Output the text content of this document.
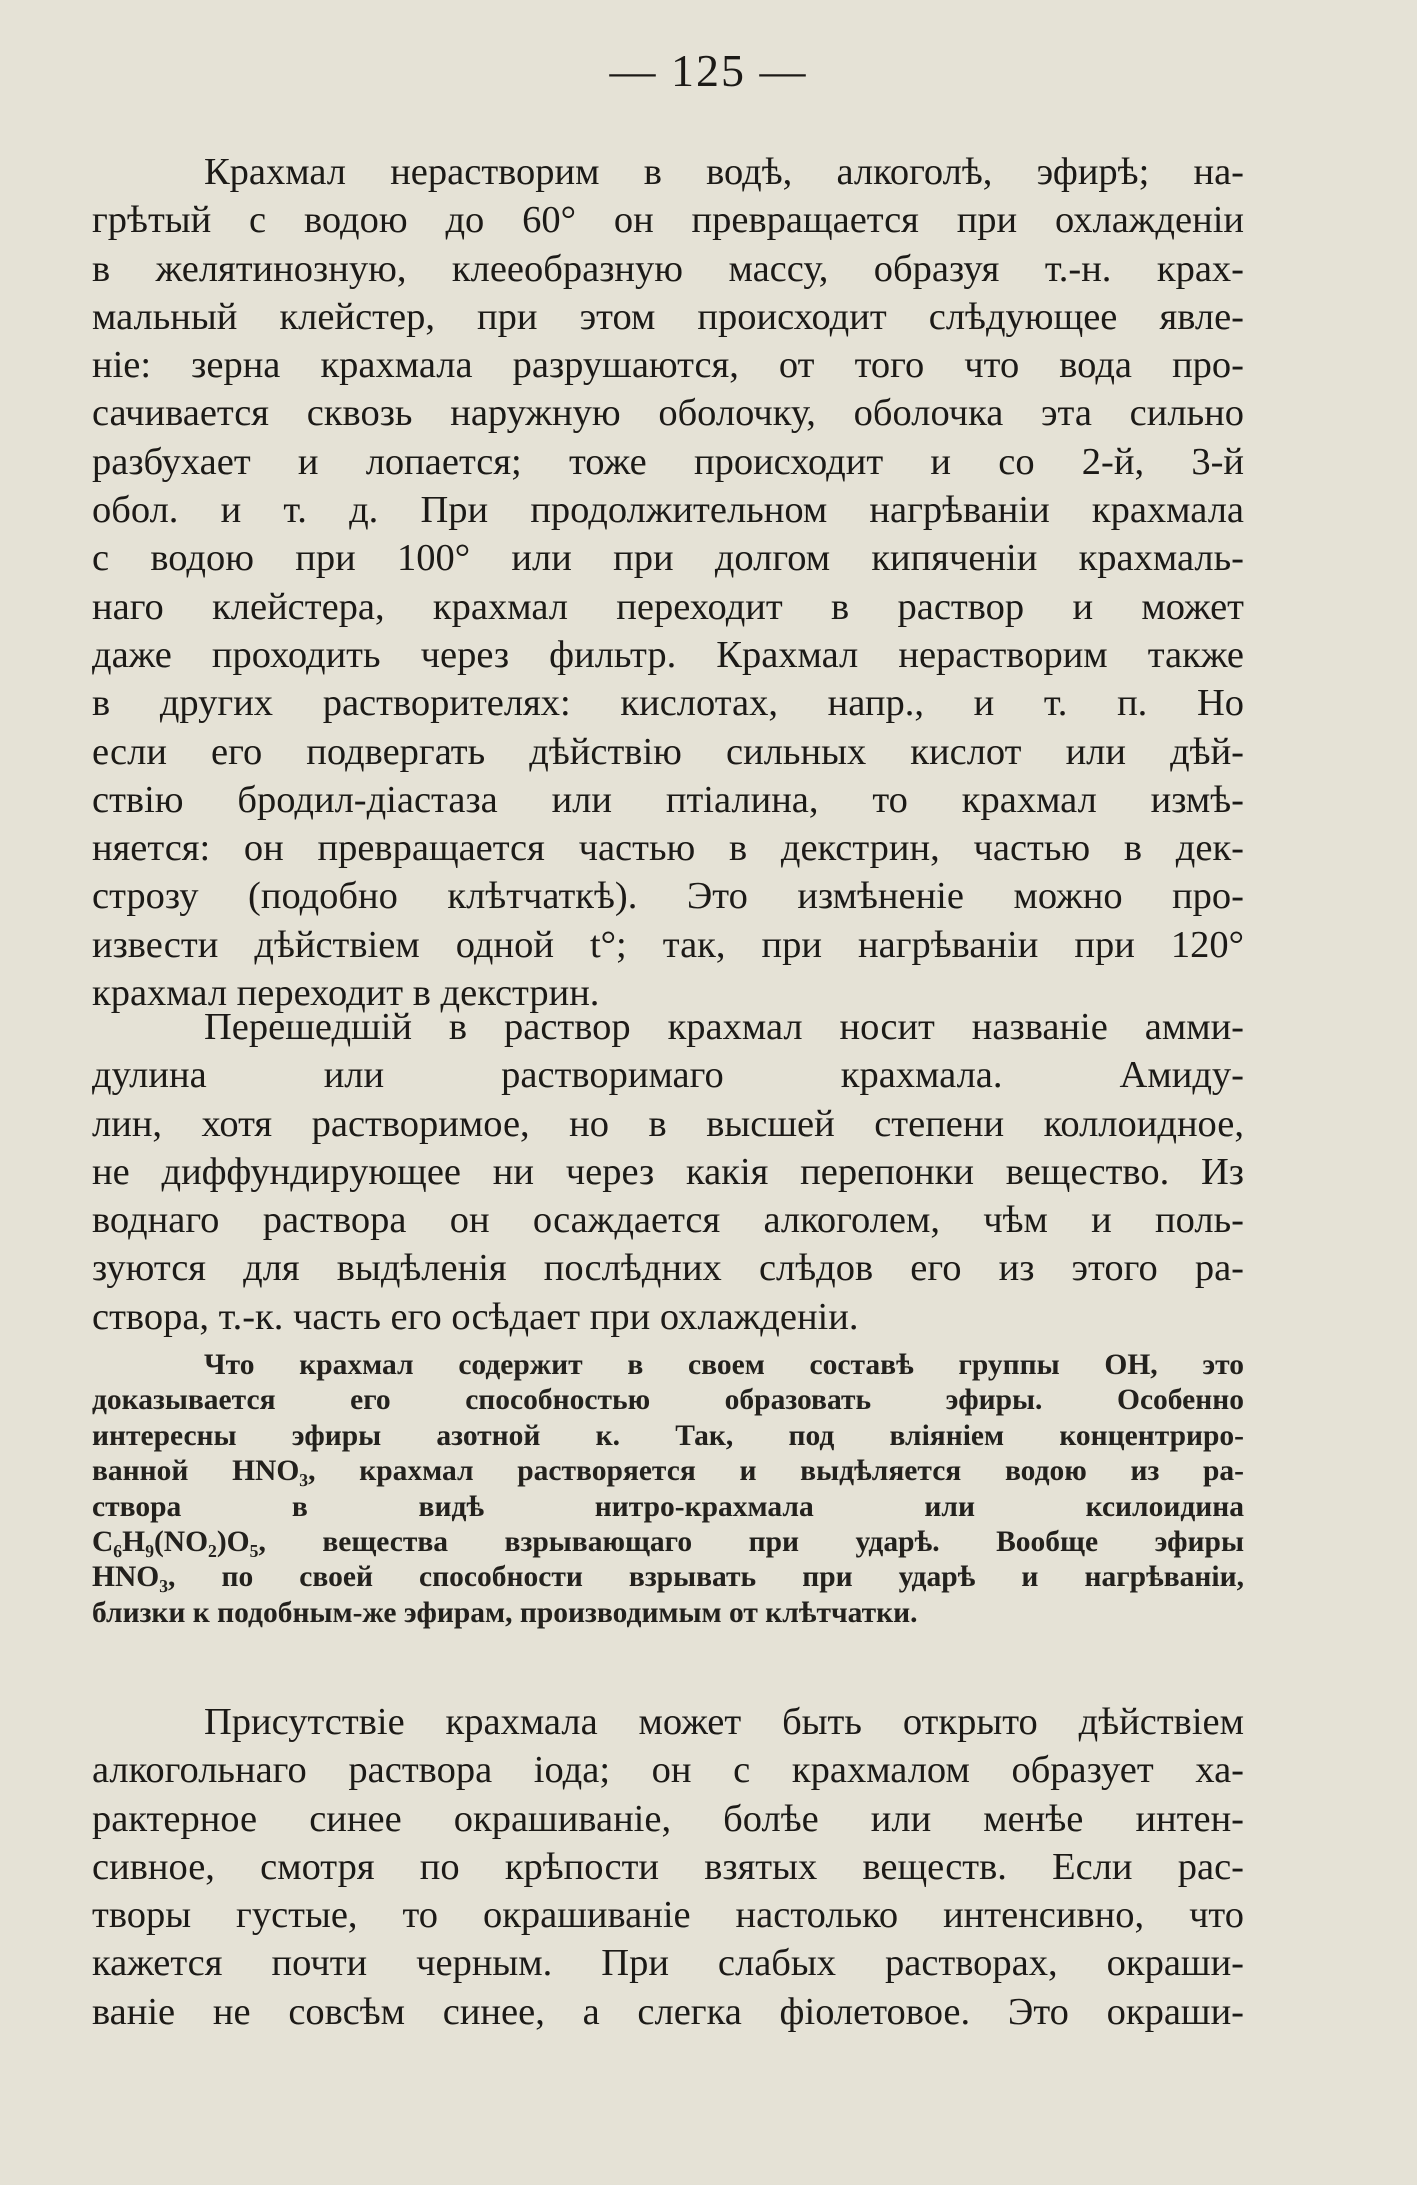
— 125 —
Крахмал нерастворим в водѣ, алкоголѣ, эфирѣ; на-
грѣтый с водою до 60° он превращается при охлажденiи
в желятинозную, клееобразную массу, образуя т.-н. крах-
мальный клейстер, при этом происходит слѣдующее явле-
нiе: зерна крахмала разрушаются, от того что вода про-
сачивается сквозь наружную оболочку, оболочка эта сильно
разбухает и лопается; тоже происходит и со 2-й, 3-й
обол. и т. д. При продолжительном нагрѣванiи крахмала
с водою при 100° или при долгом кипяченiи крахмаль-
наго клейстера, крахмал переходит в раствор и может
даже проходить через фильтр. Крахмал нерастворим также
в других растворителях: кислотах, напр., и т. п. Но
если его подвергать дѣйствiю сильных кислот или дѣй-
ствiю бродил-дiастаза или птiалина, то крахмал измѣ-
няется: он превращается частью в декстрин, частью в дек-
строзу (подобно клѣтчаткѣ). Это измѣненiе можно про-
извести дѣйствiем одной t°; так, при нагрѣванiи при 120°
крахмал переходит в декстрин.
Перешедшiй в раствор крахмал носит названiе амми-
дулина или растворимаго крахмала. Амиду-
лин, хотя растворимое, но в высшей степени коллоидное,
не диффундирующее ни через какiя перепонки вещество. Из
воднаго раствора он осаждается алкоголем, чѣм и поль-
зуются для выдѣленiя послѣдних слѣдов его из этого ра-
створа, т.-к. часть его осѣдает при охлажденiи.
Что крахмал содержит в своем составѣ группы ОН, это
доказывается его способностью образовать эфиры. Особенно
интересны эфиры азотной к. Так, под влiянiем концентриро-
ванной HNO₃, крахмал растворяется и выдѣляется водою из ра-
створа в видѣ нитро-крахмала или ксилоидина
C₆H₉(NO₂)O₅, вещества взрывающаго при ударѣ. Вообще эфиры
HNO₃, по своей способности взрывать при ударѣ и нагрѣванiи,
близки к подобным-же эфирам, производимым от клѣтчатки.
Присутствiе крахмала может быть открыто дѣйствiем
алкогольнаго раствора iода; он с крахмалом образует ха-
рактерное синее окрашиванiе, болѣе или менѣе интен-
сивное, смотря по крѣпости взятых веществ. Если рас-
творы густые, то окрашиванiе настолько интенсивно, что
кажется почти черным. При слабых растворах, окраши-
ванiе не совсѣм синее, а слегка фiолетовое. Это окраши-
